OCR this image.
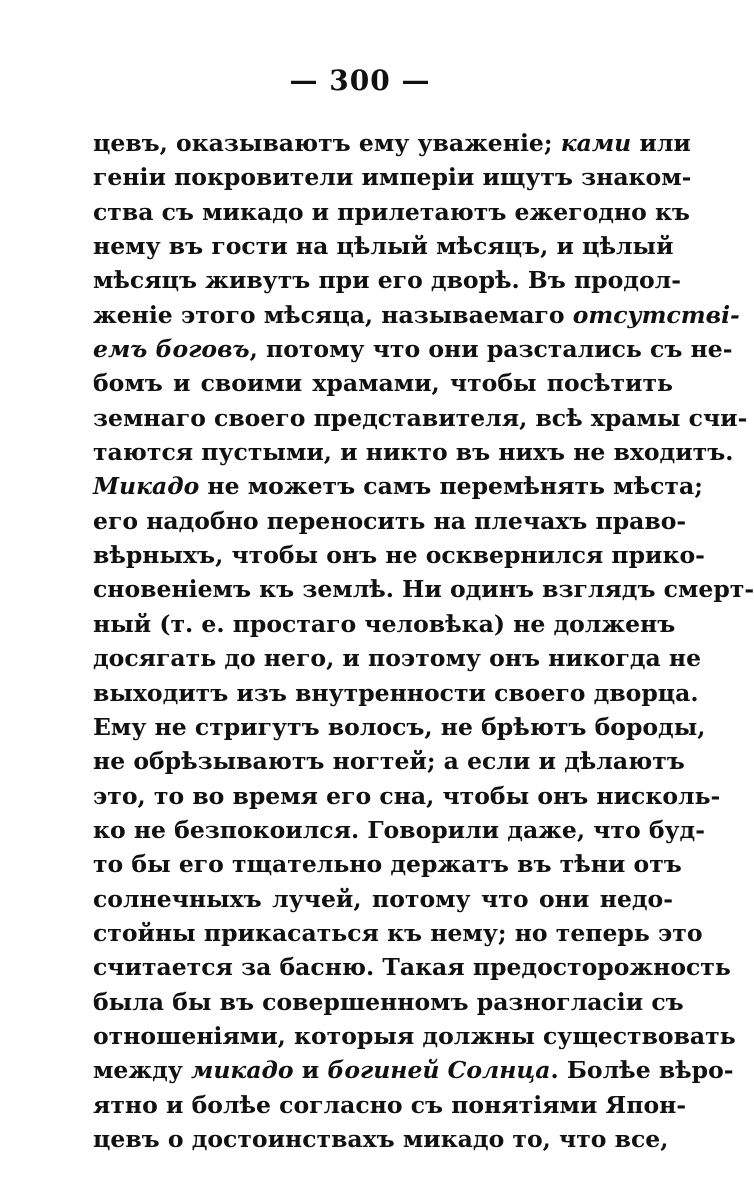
— 300 —
цевъ, оказываютъ ему уваженіе; ками или
геніи покровители имперіи ищутъ знаком-
ства съ микадо и прилетаютъ ежегодно къ
нему въ гости на цѣлый мѣсяцъ, и цѣлый
мѣсяцъ живутъ при его дворѣ. Въ продол-
женіе этого мѣсяца, называемаго отсутствi-
емъ боговъ, потому что они разстались съ не-
бомъ и своими храмами, чтобы посѣтить
земнаго своего представителя, всѣ храмы счи-
таются пустыми, и никто въ нихъ не входитъ.
Микадо не можетъ самъ перемѣнять мѣста;
его надобно переносить на плечахъ право-
вѣрныхъ, чтобы онъ не осквернился прико-
сновеніемъ къ землѣ. Ни одинъ взглядъ смерт-
ный (т. е. простаго человѣка) не долженъ
досягать до него, и поэтому онъ никогда не
выходитъ изъ внутренности своего дворца.
Ему не стригутъ волосъ, не брѣютъ бороды,
не обрѣзываютъ ногтей; а если и дѣлаютъ
это, то во время его сна, чтобы онъ нисколь-
ко не безпокоился. Говорили даже, что буд-
то бы его тщательно держатъ въ тѣни отъ
солнечныхъ лучей, потому что они недо-
стойны прикасаться къ нему; но теперь это
считается за басню. Такая предосторожность
была бы въ совершенномъ разногласіи съ
отношеніями, которыя должны существовать
между микадо и богиней Солнца. Болѣе вѣро-
ятно и болѣе согласно съ понятіями Япон-
цевъ о достоинствахъ микадо то, что все,
